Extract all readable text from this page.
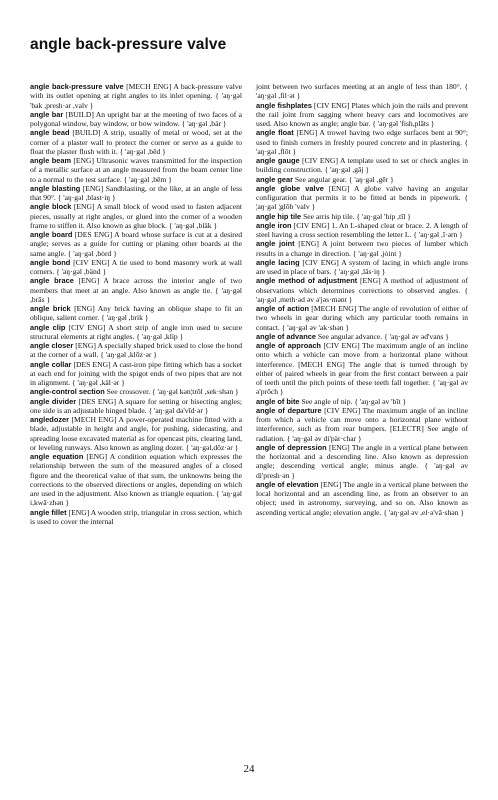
angle back-pressure valve

angle back-pressure valve [MECH ENG] A back-pressure valve with its outlet opening at right angles to its inlet opening. { 'aŋ·gəl 'bak ,presh·ər ,valv }

angle bar [BUILD] An upright bar at the meeting of two faces of a polygonal window, bay window, or bow window. { 'aŋ·gəl ,bär }

angle bead [BUILD] A strip, usually of metal or wood, set at the corner of a plaster wall to protect the corner or serve as a guide to float the plaster flush with it. { 'aŋ·gəl ,bēd }

angle beam [ENG] Ultrasonic waves transmitted for the inspection of a metallic surface at an angle measured from the beam center line to a normal to the test surface. { 'aŋ·gəl ,bēm }

angle blasting [ENG] Sandblasting, or the like, at an angle of less that 90°. { 'aŋ·gəl ,blast·iŋ }

angle block [ENG] A small block of wood used to fasten adjacent pieces, usually at right angles, or glued into the corner of a wooden frame to stiffen it. Also known as glue block. { 'aŋ·gəl ,bläk }

angle board [DES ENG] A board whose surface is cut at a desired angle; serves as a guide for cutting or planing other boards at the same angle. { 'aŋ·gəl ,bȯrd }

angle bond [CIV ENG] A tie used to bond masonry work at wall corners. { 'aŋ·gəl ,bänd }

angle brace [ENG] A brace across the interior angle of two members that meet at an angle. Also known as angle tie. { 'aŋ·gəl ,brās }

angle brick [ENG] Any brick having an oblique shape to fit an oblique, salient corner. { 'aŋ·gəl ,brik }

angle clip [CIV ENG] A short strip of angle iron used to secure structural elements at right angles. { 'aŋ·gəl ,klip }

angle closer [ENG] A specially shaped brick used to close the bond at the corner of a wall. { 'aŋ·gəl ,klōz·ər }

angle collar [DES ENG] A cast-iron pipe fitting which has a socket at each end for joining with the spigot ends of two pipes that are not in alignment. { 'aŋ·gəl ,käl·ər }

angle-control section See crossover. { 'aŋ·gəl kən¦trōl ,sek·shən }

angle divider [DES ENG] A square for setting or bisecting angles; one side is an adjustable hinged blade. { 'aŋ·gəl də'vīd·ər }

angledozer [MECH ENG] A power-operated machine fitted with a blade, adjustable in height and angle, for pushing, sidecasting, and spreading loose excavated material as for opencast pits, clearing land, or leveling runways. Also known as angling dozer. { 'aŋ·gəl,dōz·ər }

angle equation [ENG] A condition equation which expresses the relationship between the sum of the measured angles of a closed figure and the theoretical value of that sum, the unknowns being the corrections to the observed directions or angles, depending on which are used in the adjustment. Also known as triangle equation. { 'aŋ·gəl i,kwā·zhən }

angle fillet [ENG] A wooden strip, triangular in cross section, which is used to cover the internal

joint between two surfaces meeting at an angle of less than 180°. { 'aŋ·gəl ,fil·ət }

angle fishplates [CIV ENG] Plates which join the rails and prevent the rail joint from sagging where heavy cars and locomotives are used. Also known as angle; angle bar. { 'aŋ·gəl 'fish,plāts }

angle float [ENG] A trowel having two edge surfaces bent at 90°; used to finish corners in freshly poured concrete and in plastering. { 'aŋ·gəl ,flōt }

angle gauge [CIV ENG] A template used to set or check angles in building construction. { 'aŋ·gəl ,gāj }

angle gear See angular gear. { 'aŋ·gəl ,gēr }

angle globe valve [ENG] A globe valve having an angular configuration that permits it to be fitted at bends in pipework. { ¦aŋ·gəl ¦glōb 'valv }

angle hip tile See arris hip tile. { 'aŋ·gəl 'hip ,tīl }

angle iron [CIV ENG] 1. An L-shaped cleat or brace. 2. A length of steel having a cross section resembling the letter L. { 'aŋ·gəl ,ī·ərn }

angle joint [ENG] A joint between two pieces of lumber which results in a change in direction. { 'aŋ·gəl ,jȯint }

angle lacing [CIV ENG] A system of lacing in which angle irons are used in place of bars. { 'aŋ·gəl ,lās·iŋ }

angle method of adjustment [ENG] A method of adjustment of observations which determines corrections to observed angles. { 'aŋ·gəl ,meth·əd əv ə'jəs·mənt }

angle of action [MECH ENG] The angle of revolution of either of two wheels in gear during which any particular tooth remains in contact. { 'aŋ·gəl əv 'ak·shən }

angle of advance See angular advance. { 'aŋ·gəl əv əd'vans }

angle of approach [CIV ENG] The maximum angle of an incline onto which a vehicle can move from a horizontal plane without interference. [MECH ENG] The angle that is turned through by either of paired wheels in gear from the first contact between a pair of teeth until the pitch points of these teeth fall together. { 'aŋ·gəl əv ə'prōch }

angle of bite See angle of nip. { 'aŋ·gəl əv 'bīt }

angle of departure [CIV ENG] The maximum angle of an incline from which a vehicle can move onto a horizontal plane without interference, such as from rear bumpers. [ELECTR] See angle of radiation. { 'aŋ·gəl əv di'pär·char }

angle of depression [ENG] The angle in a vertical plane between the horizontal and a descending line. Also known as depression angle; descending vertical angle; minus angle. { 'aŋ·gəl əv di'presh·ən }

angle of elevation [ENG] The angle in a vertical plane between the local horizontal and an ascending line, as from an observer to an object; used in astronomy, surveying, and so on. Also known as ascending vertical angle; elevation angle. { 'aŋ·gəl əv ,el·ə'vā·shən }

24
